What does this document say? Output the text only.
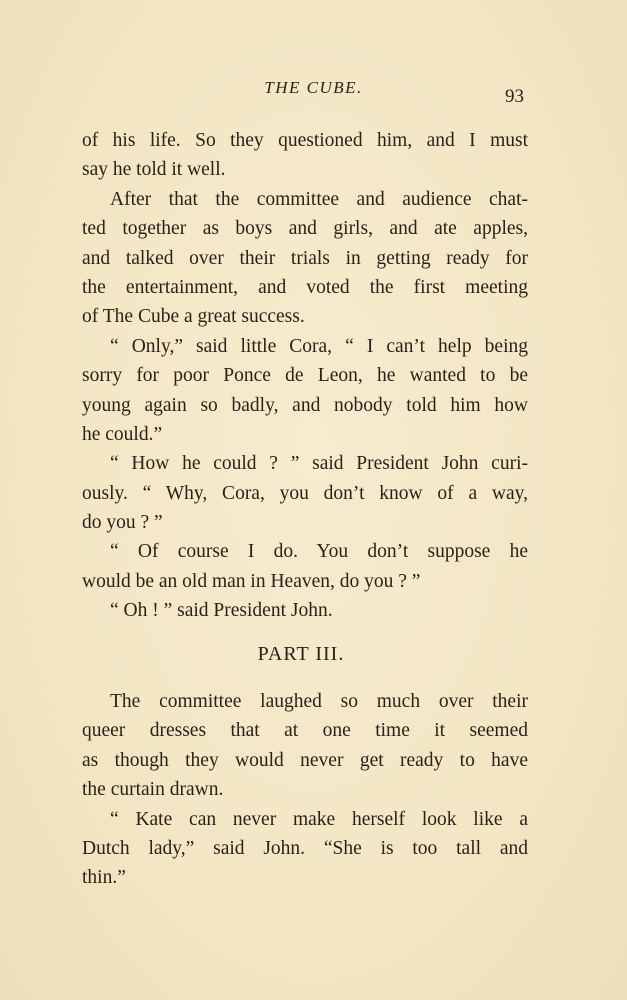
THE CUBE.	93
of his life. So they questioned him, and I must
say he told it well.
After that the committee and audience chat-
ted together as boys and girls, and ate apples,
and talked over their trials in getting ready for
the entertainment, and voted the first meeting
of The Cube a great success.
“ Only,” said little Cora, “ I can’t help being
sorry for poor Ponce de Leon, he wanted to be
young again so badly, and nobody told him how
he could.”
“ How he could ? ” said President John curi-
ously. “ Why, Cora, you don’t know of a way,
do you ? ”
“ Of course I do. You don’t suppose he
would be an old man in Heaven, do you ? ”
“ Oh ! ” said President John.
PART III.
The committee laughed so much over their
queer dresses that at one time it seemed
as though they would never get ready to have
the curtain drawn.
“ Kate can never make herself look like a
Dutch lady,” said John. “She is too tall and
thin.”
